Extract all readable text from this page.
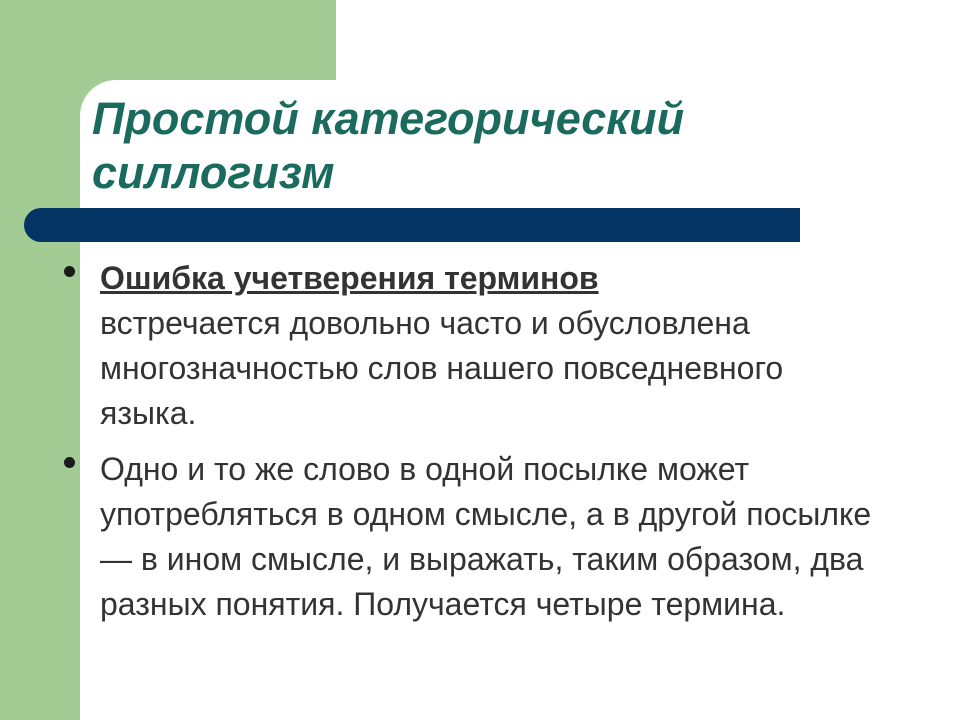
Простой категорический силлогизм
Ошибка учетверения терминов
встречается довольно часто и обусловлена многозначностью слов нашего повседневного языка.
Одно и то же слово в одной посылке может употребляться в одном смысле, а в другой посылке — в ином смысле, и выражать, таким образом, два разных понятия. Получается четыре термина.
